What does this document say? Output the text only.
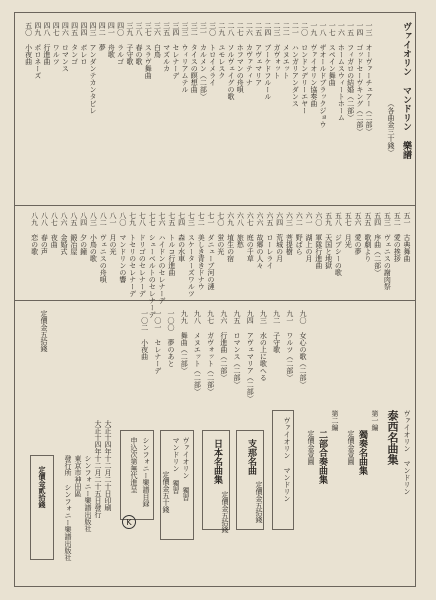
ヴァイオリン マンドリン 樂譜
（各曲金三十錢）
一三 オーヴァーチュアー（二部）
一四 ゴッドセーヴキング（二部）
一五 フィガロの結婚（二部）
一六 ホームスウィートホーム
一七 スペイン舞曲
一八 ザオールドブラックジョウ
一九 ヴァイオリン協奏曲
二〇 ロンドンデリーエヤー
二一 ハンガリアンダンス
二二 メヌエット
二三 ガヴォット
二四 ブーケドフルール
二五 アヴェマリア
二六 カヴァティナ
二七 ホフマンの舟唄
二八 ソルヴェイグの歌
二九 ユモレスク
三〇 トロイメライ
三一 カルメン（二部）
三二 タイスの瞑想曲
三三 ウィリアムテル
三四 セレナーデ
三五 マズルカ
三六 白鳥
三七 スラヴ舞曲
三八 春の歌
三九 子守歌
四〇 ラルゴ
四一 舟歌
四二 夢
四三 アンダンテカンタビレ
四四 ボレロ
四五 タンゴ
四六 ロマンス
四七 ワルツ
四八 行進曲
四九 ポロネーズ
五〇 小夜曲
五一 古典舞曲
五二 愛の挨拶
五三 ヴェニスの謝肉祭
五四 序曲（二部）
五五 歌劇より
五六 愛の夢
五七 月光
五八 ジプシーの歌
五九 天国と地獄
六〇 軍隊行進曲
六一 湖上の月
六二 野ばら
六三 菩提樹
六四 荒城の月
六五 ローレライ
六六 故郷の人々
六七 庭の千草
六八 旅愁
六九 埴生の宿
七〇 蛍の光
七一 ダニューブ河の漣
七二 美しき青きドナウ
七三 スケーターズワルツ
七四 森の水車
七五 トルコ行進曲
七六 ハイドンのセレナーデ
七七 シューベルトのセレナーデ
七八 ドリゴのセレナーデ
七九 トセリのセレナーデ
八〇 マンドリンの響
八一 月の光
八二 ヴェニスの舟唄
八三 小鳥の歌
八四 夕の鐘
八五 鍛冶屋
八六 金婚式
八七 夜曲
八八 春の声
八九 恋の歌
九〇 女心の歌（二部）
九一 ワルツ（二部）
九二 子守歌
九三 水の上に歌へる
九四 アヴェマリア（二部）
九五 ロマンス（二部）
九六 行進曲（二部）
九七 ガヴォット（二部）
九八 メヌエット（二部）
九九 舞曲（二部）
一〇〇 夢のあと
一〇一 セレナーデ
一〇二 小夜曲
定價金五拾錢
ヴァイオリン マンドリン
泰西名曲集
第一編
獨奏名曲集
定價金壹圓
第二編
二部合奏曲集
定價金壹圓
ヴァイオリン マンドリン
支那名曲
定價金五拾錢
日本名曲集
定價金五拾錢
ヴァイオリン 獨習
マンドリン 獨習
定價金五十錢
シンフォニー樂譜目録
申込次第無代進呈
大正十四年十二月二十日印刷
大正十四年十二月二十五日發行
シンフォニー樂譜出版社
東京市神田區
發行所 シンフォニー樂譜出版社	K
定價金貳拾錢
